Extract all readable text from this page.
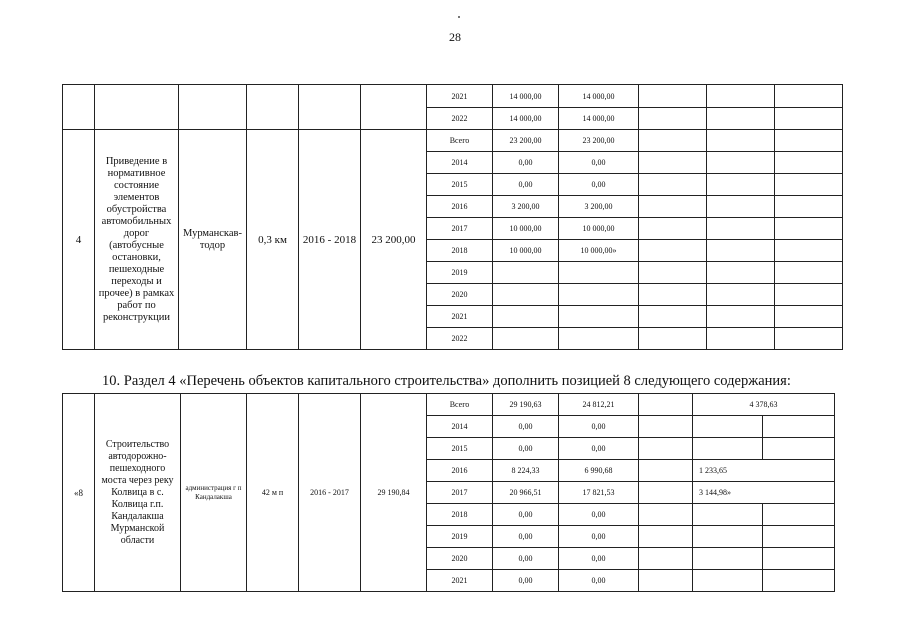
28
						2021	14 000,00	14 000,00			
						2022	14 000,00	14 000,00			
4	Приведение в нормативное состояние элементов обустройства автомобильных дорог (автобусные остановки, пешеходные переходы и прочее) в рамках работ по реконструкции	Мурманскав-тодор	0,3 км	2016 - 2018	23 200,00	Всего	23 200,00	23 200,00			
						2014	0,00	0,00			
						2015	0,00	0,00			
						2016	3 200,00	3 200,00			
						2017	10 000,00	10 000,00			
						2018	10 000,00	10 000,00»			
						2019					
						2020					
						2021					
						2022					
10. Раздел 4 «Перечень объектов капитального строительства» дополнить позицией 8 следующего содержания:
«8	Строительство автодорожно-пешеходного моста через реку Колвица в с. Колвица г.п. Кандалакша Мурманской области	администрация г п Кандалакша	42 м п	2016 - 2017	29 190,84	Всего	29 190,63	24 812,21		4 378,63	
						2014	0,00	0,00			
						2015	0,00	0,00			
						2016	8 224,33	6 990,68		1 233,65	
						2017	20 966,51	17 821,53		3 144,98»	
						2018	0,00	0,00			
						2019	0,00	0,00			
						2020	0,00	0,00			
						2021	0,00	0,00			
